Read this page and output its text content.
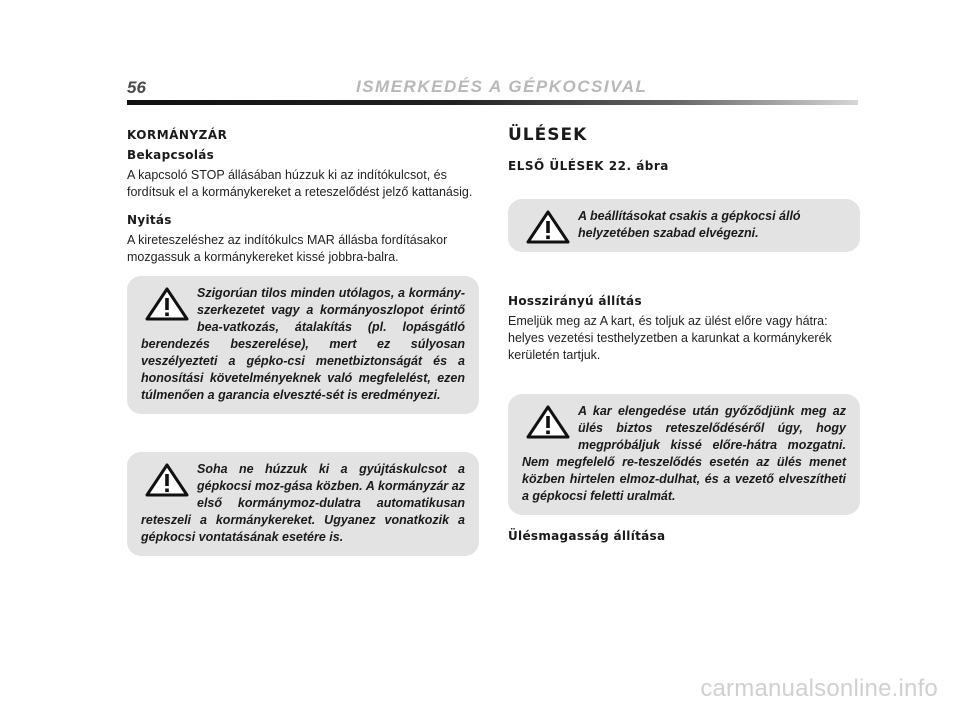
56	ISMERKEDÉS A GÉPKOCSIVAL
KORMÁNYZÁR
Bekapcsolás

A kapcsoló STOP állásában húzzuk ki az indítókulcsot, és fordítsuk el a kormánykereket a reteszelődést jelző kattanásig.

Nyitás

A kireteszeléshez az indítókulcs MAR állásba fordításakor mozgassuk a kormánykereket kissé jobbra-balra.

Szigorúan tilos minden utólagos, a kormány-szerkezetet vagy a kormányoszlopot érintő bea-vatkozás, átalakítás (pl. lopásgátló berendezés beszerelése), mert ez súlyosan veszélyezteti a gépko-csi menetbiztonságát és a honosítási követelményeknek való megfelelést, ezen túlmenően a garancia elveszté-sét is eredményezi.

Soha ne húzzuk ki a gyújtáskulcsot a gépkocsi moz-gása közben. A kormányzár az első kormánymoz-dulatra automatikusan reteszeli a kormánykereket. Ugyanez vonatkozik a gépkocsi vontatásának esetére is.

ÜLÉSEK
ELSŐ ÜLÉSEK 22. ábra

A beállításokat csakis a gépkocsi álló helyzetében szabad elvégezni.

Hosszirányú állítás

Emeljük meg az A kart, és toljuk az ülést előre vagy hátra: helyes vezetési testhelyzetben a karunkat a kormánykerék kerületén tartjuk.

A kar elengedése után győződjünk meg az ülés biztos reteszelődéséről úgy, hogy megpróbáljuk kissé előre-hátra mozgatni. Nem megfelelő re-teszelődés esetén az ülés menet közben hirtelen elmoz-dulhat, és a vezető elveszítheti a gépkocsi feletti uralmát.

Ülésmagasság állítása
carmanualsonline.info
